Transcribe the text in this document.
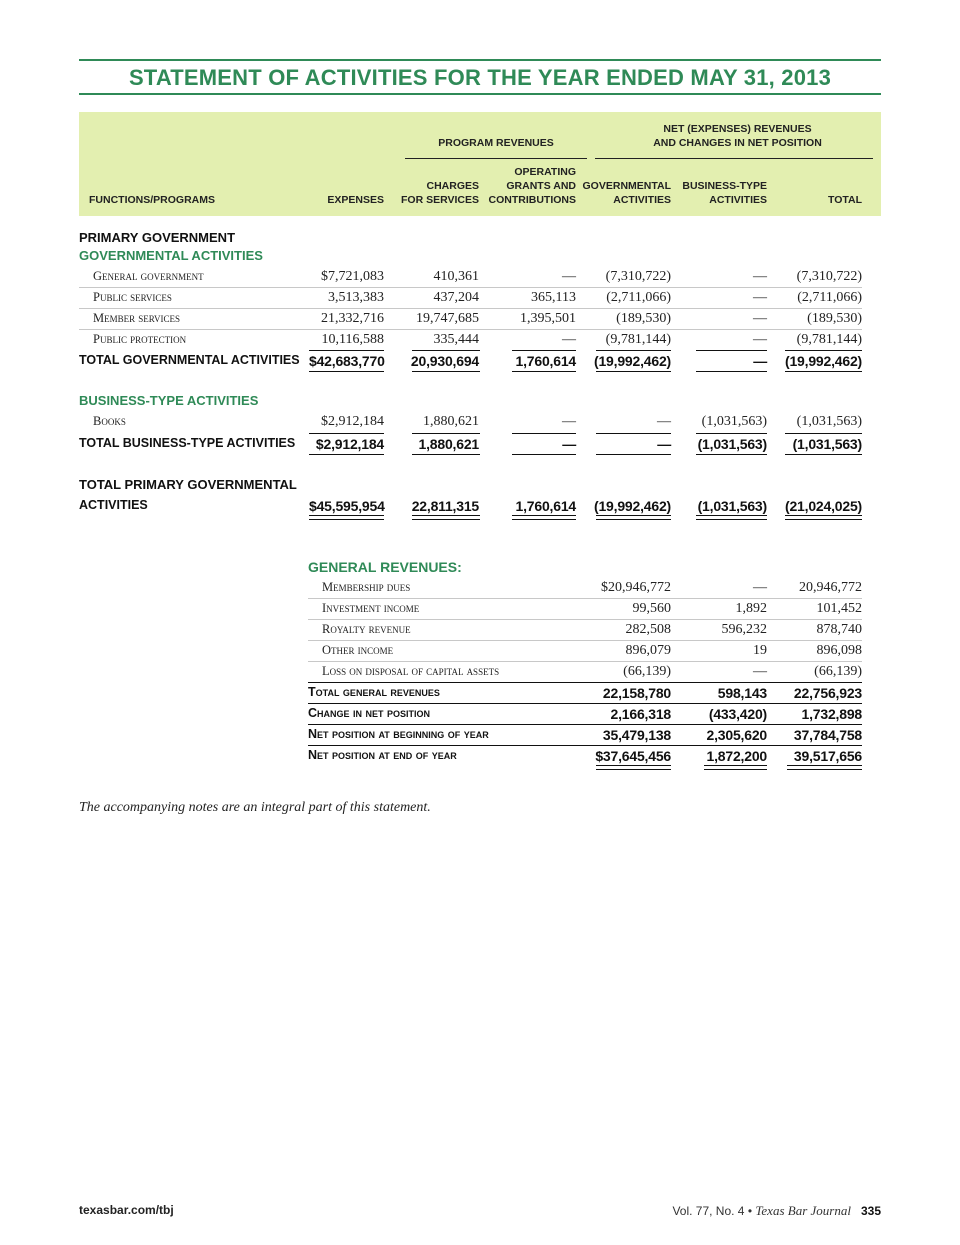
STATEMENT OF ACTIVITIES FOR THE YEAR ENDED MAY 31, 2013
PROGRAM REVENUES
NET (EXPENSES) REVENUES
AND CHANGES IN NET POSITION
FUNCTIONS/PROGRAMS	EXPENSES
CHARGES
FOR SERVICES
OPERATING
GRANTS AND
CONTRIBUTIONS
GOVERNMENTAL
ACTIVITIES
BUSINESS-TYPE
ACTIVITIES	TOTAL
PRIMARY GOVERNMENT
GOVERNMENTAL ACTIVITIES
General government	$7,721,083	410,361	—	(7,310,722)	—	(7,310,722)
Public services	3,513,383	437,204	365,113	(2,711,066)	—	(2,711,066)
Member services	21,332,716	19,747,685	1,395,501	(189,530)	—	(189,530)
Public protection	10,116,588	335,444	—	(9,781,144)	—	(9,781,144)
TOTAL GOVERNMENTAL ACTIVITIES $42,683,770	20,930,694	1,760,614	(19,992,462)	—	(19,992,462)
BUSINESS-TYPE ACTIVITIES
Books	$2,912,184	1,880,621	—	—	(1,031,563)	(1,031,563)
TOTAL BUSINESS-TYPE ACTIVITIES	$2,912,184	1,880,621	—	—	(1,031,563)	(1,031,563)
TOTAL PRIMARY GOVERNMENTAL
ACTIVITIES	$45,595,954	22,811,315	1,760,614	(19,992,462)	(1,031,563)	(21,024,025)
GENERAL REVENUES:
Membership dues	$20,946,772	—	20,946,772
Investment income	99,560	1,892	101,452
Royalty revenue	282,508	596,232	878,740
Other income	896,079	19	896,098
Loss on disposal of capital assets	(66,139)	—	(66,139)
Total general revenues	22,158,780	598,143	22,756,923
Change in net position	2,166,318	(433,420)	1,732,898
Net position at beginning of year	35,479,138	2,305,620	37,784,758
Net position at end of year	$37,645,456	1,872,200	39,517,656
The accompanying notes are an integral part of this statement.
texasbar.com/tbj	Vol. 77, No. 4 • Texas Bar Journal 335
